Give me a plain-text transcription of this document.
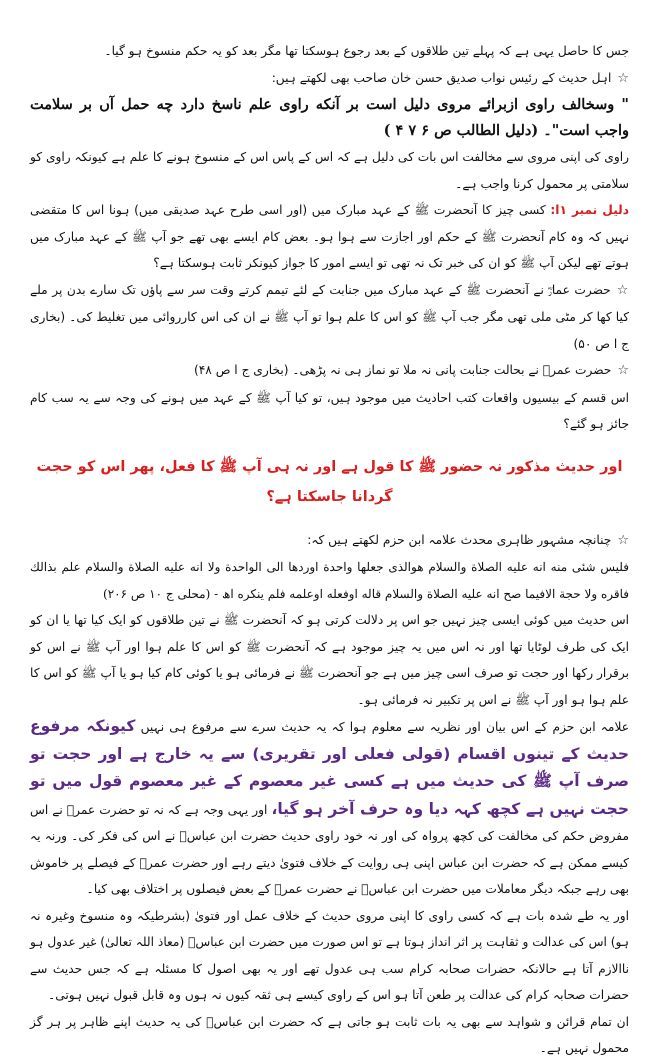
جس کا حاصل یہی ہے کہ پہلے تین طلاقوں کے بعد رجوع ہوسکتا تھا مگر بعد کو یہ حکم منسوخ ہو گیا۔

☆اہل حدیث کے رئیس نواب صدیق حسن خان صاحب بھی لکھتے ہیں:

" وسخالف راوی ازبرائے مروی دلیل است بر آنکه راوی علم ناسخ دارد چه حمل آں بر سلامت واجب است"۔ (دلیل الطالب ص ۶ ۷ ۴ )

راوی کی اپنی مروی سے مخالفت اس بات کی دلیل ہے کہ اس کے پاس اس کے منسوخ ہونے کا علم ہے کیونکہ راوی کو سلامتی پر محمول کرنا واجب ہے۔

دلیل نمبر ۱ا: کسی چیز کا آنحضرت ﷺ کے عہد مبارک میں (اور اسی طرح عہد صدیقی میں) ہونا اس کا متقضی نہیں کہ وہ کام آنحضرت ﷺ کے حکم اور اجازت سے ہوا ہو۔ بعض کام ایسے بھی تھے جو آپ ﷺ کے عہد مبارک میں ہوتے تھے لیکن آپ ﷺ کو ان کی خبر تک نہ تھی تو ایسے امور کا جواز کیونکر ثابت ہوسکتا ہے؟

☆حضرت عمارؓ نے آنحضرت ﷺ کے عہد مبارک میں جنابت کے لئے تیمم کرتے وقت سر سے پاؤں تک سارے بدن پر ملے کیا کھا کر مٹی ملی تھی مگر جب آپ ﷺ کو اس کا علم ہوا تو آپ ﷺ نے ان کی اس کارروائی میں تغلیط کی۔ (بخاری ج ا ص ۵۰)

☆حضرت عمرؓ نے بحالت جنابت پانی نہ ملا تو نماز ہی نہ پڑھی۔ (بخاری ج ا ص ۴۸)

اس قسم کے بیسیوں واقعات کتب احادیث میں موجود ہیں، تو کیا آپ ﷺ کے عہد میں ہونے کی وجہ سے یہ سب کام جائز ہو گئے؟

اور حدیث مذکور نہ حضور ﷺ کا قول ہے اور نہ ہی آپ ﷺ کا فعل، پھر اس کو حجت گردانا جاسکتا ہے؟

☆چنانچہ مشہور ظاہری محدث علامہ ابن حزم لکھتے ہیں کہ:

فليس شئى منه انه عليه الصلاة والسلام هوالذى جعلها واحدة اوردها الى الواحدة ولا انه عليه الصلاة والسلام علم بذالك فاقره ولا حجة الافيما صح انه عليه الصلاة والسلام قاله اوفعله اوعلمه فلم ينكره اھ - (محلی ج ۱۰ ص ۲۰۶)

اس حدیث میں کوئی ایسی چیز نہیں جو اس پر دلالت کرتی ہو کہ آنحضرت ﷺ نے تین طلاقوں کو ایک کیا تھا یا ان کو ایک کی طرف لوٹایا تھا اور نہ اس میں یہ چیز موجود ہے کہ آنحضرت ﷺ کو اس کا علم ہوا اور آپ ﷺ نے اس کو برقرار رکھا اور حجت تو صرف اسی چیز میں ہے جو آنحضرت ﷺ نے فرمائی ہو یا کوئی کام کیا ہو یا آپ ﷺ کو اس کا علم ہوا ہو اور آپ ﷺ نے اس پر تکبیر نہ فرمائی ہو۔

علامہ ابن حزم کے اس بیان اور نظریہ سے معلوم ہوا کہ یہ حدیث سرے سے مرفوع ہی نہیں کیونکہ مرفوع حدیث کے تینوں اقسام (قولی فعلی اور تقریری) سے یہ خارج ہے اور حجت تو صرف آپ ﷺ کی حدیث میں ہے کسی غیر معصوم کے غیر معصوم قول میں تو حجت نہیں ہے کچھ کہہ دیا وہ حرف آخر ہو گیا، اور یہی وجہ ہے کہ نہ تو حضرت عمرؓ نے اس مفروض حکم کی مخالفت کی کچھ پرواہ کی اور نہ خود راوی حدیث حضرت ابن عباسؓ نے اس کی فکر کی۔ ورنہ یہ کیسے ممکن ہے کہ حضرت ابن عباس اپنی ہی روایت کے خلاف فتویٰ دیتے رہے اور حضرت عمرؓ کے فیصلے پر خاموش بھی رہے جبکہ دیگر معاملات میں حضرت ابن عباسؓ نے حضرت عمرؓ کے بعض فیصلوں پر اختلاف بھی کیا۔

اور یہ طے شدہ بات ہے کہ کسی راوی کا اپنی مروی حدیث کے خلاف عمل اور فتویٰ (بشرطیکہ وہ منسوخ وغیرہ نہ ہو) اس کی عدالت و ثقاہت پر اثر انداز ہوتا ہے تو اس صورت میں حضرت ابن عباسؓ (معاذ اللہ تعالیٰ) غیر عدول ہو ناالازم آتا ہے حالانکہ حضرات صحابہ کرام سب ہی عدول تھے اور یہ بھی اصول کا مسئلہ ہے کہ جس حدیث سے حضرات صحابہ کرام کی عدالت پر طعن آتا ہو اس کے راوی کیسے ہی ثقہ کیوں نہ ہوں وہ قابل قبول نہیں ہوتی۔

ان تمام قرائن و شواہد سے بھی یہ بات ثابت ہو جاتی ہے کہ حضرت ابن عباسؓ کی یہ حدیث اپنے ظاہر پر ہر گز محمول نہیں ہے۔
